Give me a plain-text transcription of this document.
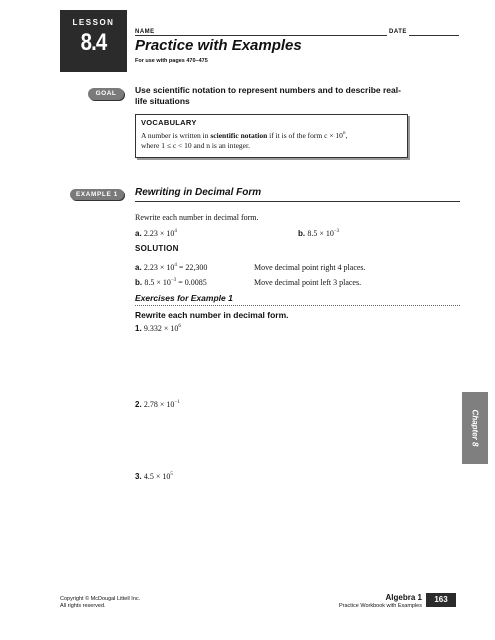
LESSON
8.4	NAME	DATE
Practice with Examples
For use with pages 470–475
GOAL	Use scientific notation to represent numbers and to describe real-life situations
VOCABULARY
A number is written in scientific notation if it is of the form $c \times 10^n$,
where 1 ≤ c < 10 and n is an integer.
EXAMPLE 1	Rewriting in Decimal Form
Rewrite each number in decimal form.
a. $2.23 \times 10^4$	b. $8.5 \times 10^{-3}$
SOLUTION
a. $2.23 \times 10^4 = 22,300$	Move decimal point right 4 places.
b. $8.5 \times 10^{-3} = 0.0085$	Move decimal point left 3 places.
Exercises for Example 1
Rewrite each number in decimal form.
1. $9.332 \times 10^6$
2. $2.78 \times 10^{-1}$
3. $4.5 \times 10^5$
Chapter 8
Copyright © McDougal Littell Inc.
All rights reserved.
Algebra 1
Practice Workbook with Examples
163
